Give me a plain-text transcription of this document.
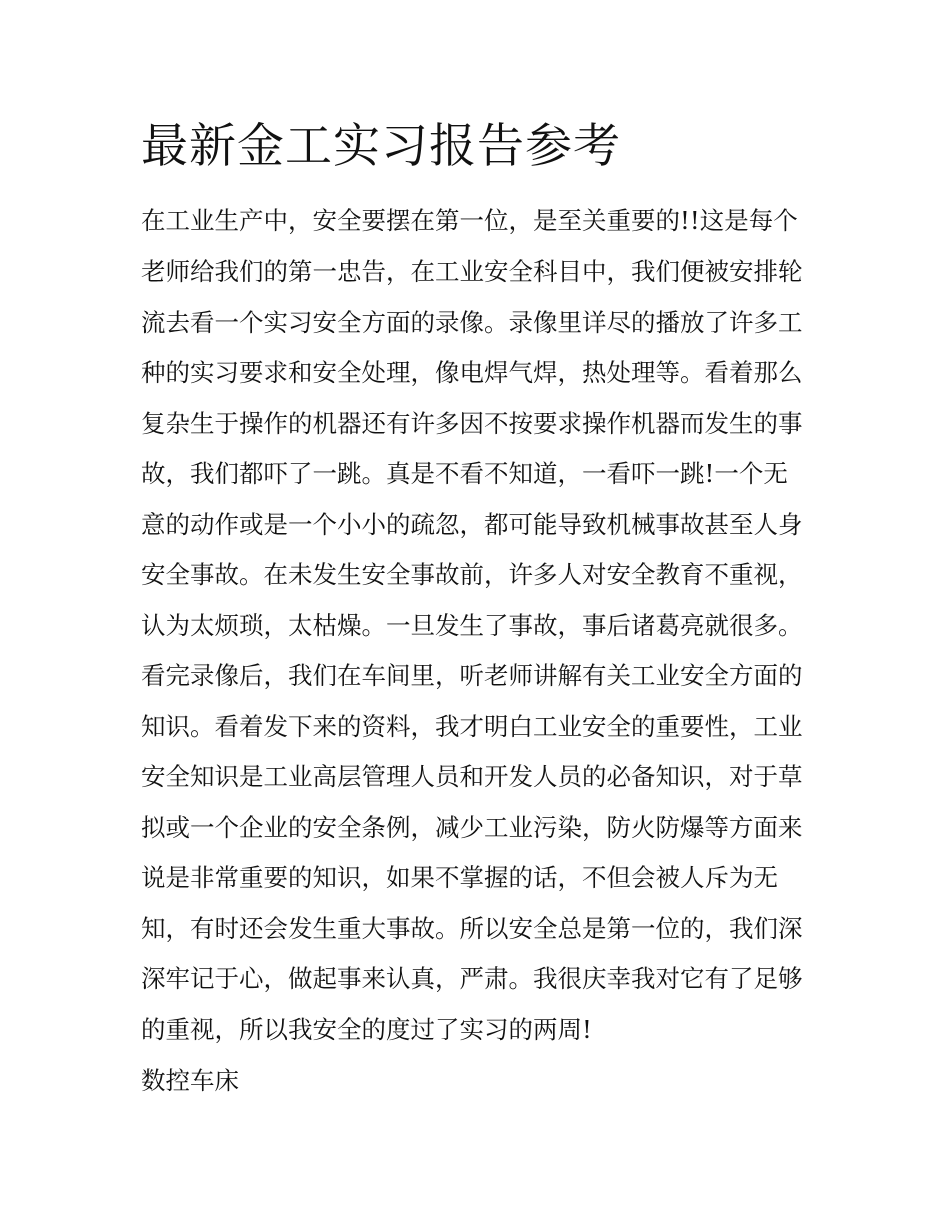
最新金工实习报告参考
在工业生产中，安全要摆在第一位，是至关重要的!!这是每个
老师给我们的第一忠告，在工业安全科目中，我们便被安排轮
流去看一个实习安全方面的录像。录像里详尽的播放了许多工
种的实习要求和安全处理，像电焊气焊，热处理等。看着那么
复杂生于操作的机器还有许多因不按要求操作机器而发生的事
故，我们都吓了一跳。真是不看不知道，一看吓一跳!一个无
意的动作或是一个小小的疏忽，都可能导致机械事故甚至人身
安全事故。在未发生安全事故前，许多人对安全教育不重视，
认为太烦琐，太枯燥。一旦发生了事故，事后诸葛亮就很多。
看完录像后，我们在车间里，听老师讲解有关工业安全方面的
知识。看着发下来的资料，我才明白工业安全的重要性，工业
安全知识是工业高层管理人员和开发人员的必备知识，对于草
拟或一个企业的安全条例，减少工业污染，防火防爆等方面来
说是非常重要的知识，如果不掌握的话，不但会被人斥为无
知，有时还会发生重大事故。所以安全总是第一位的，我们深
深牢记于心，做起事来认真，严肃。我很庆幸我对它有了足够
的重视，所以我安全的度过了实习的两周!
数控车床
